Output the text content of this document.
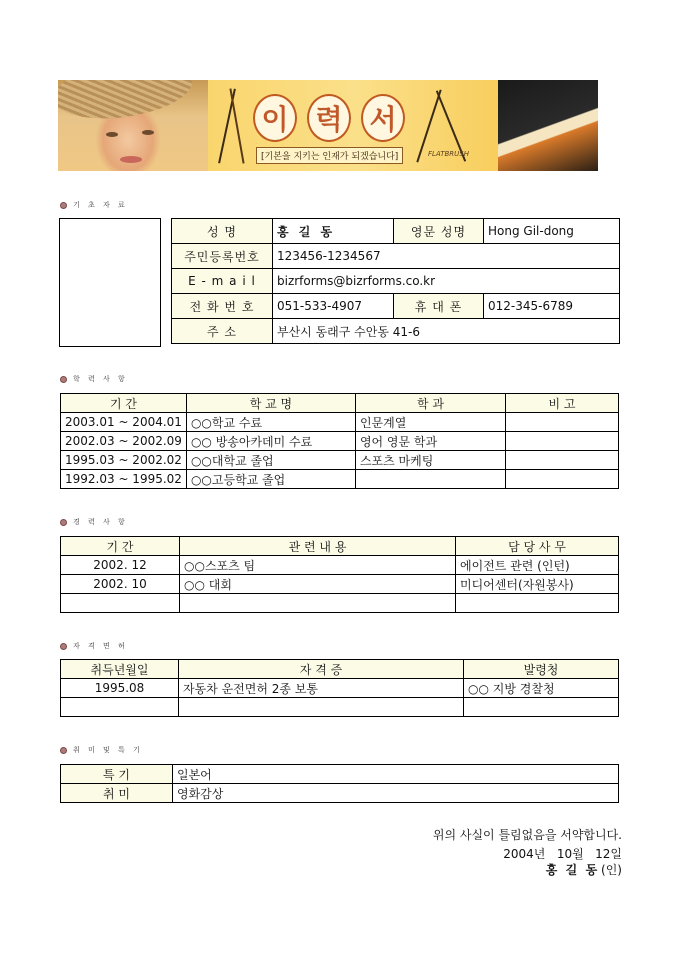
이 력 서
[기본을 지키는 인재가 되겠습니다]	FLATBRUSH
기 초 자 료
성 명	홍 길 동	영문 성명	Hong Gil-dong
주민등록번호	123456-1234567		
E - m a i l	bizrforms@bizrforms.co.kr		
전 화 번 호	051-533-4907	휴 대 폰	012-345-6789
주 소	부산시 동래구 수안동 41-6		
학 력 사 항
기 간	학 교 명	학 과	비 고
2003.01 ~ 2004.01	○○학교 수료	인문계열	
2002.03 ~ 2002.09	○○ 방송아카데미 수료	영어 영문 학과	
1995.03 ~ 2002.02	○○대학교 졸업	스포츠 마케팅	
1992.03 ~ 1995.02	○○고등학교 졸업		
경 력 사 항
기 간	관 련 내 용	담 당 사 무
2002. 12	○○스포츠 팀	에이전트 관련 (인턴)
2002. 10	○○ 대회	미디어센터(자원봉사)

자 격 면 허
취득년월일	자 격 증	발령청
1995.08	자동차 운전면허 2종 보통	○○ 지방 경찰청

취 미 및 특 기
특 기	일본어
취 미	영화감상
위의 사실이 틀림없음을 서약합니다.
2004년   10월   12일
홍  길  동 (인)
